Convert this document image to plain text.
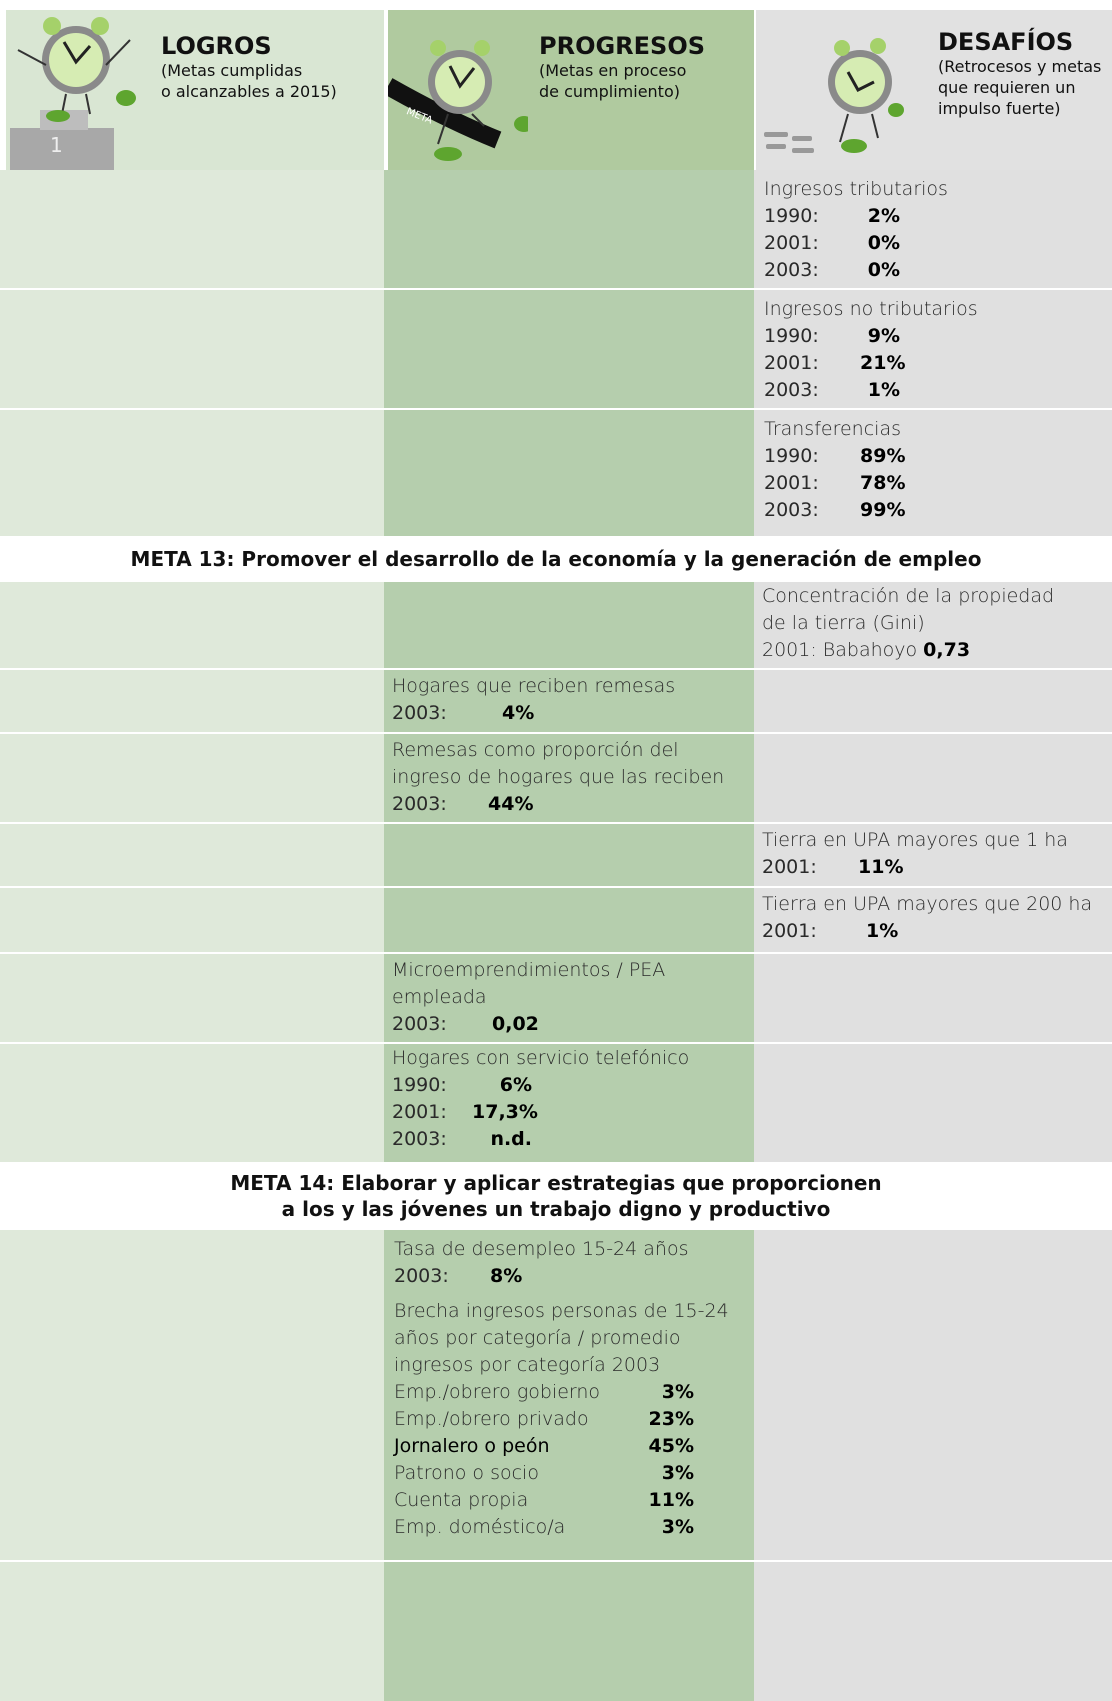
1
LOGROS
(Metas cumplidas
o alcanzables a 2015)
META
PROGRESOS
(Metas en proceso
de cumplimiento)
DESAFÍOS
(Retrocesos y metas
que requieren un
impulso fuerte)
Ingresos tributarios
1990:	2%
2001:	0%
2003:	0%
Ingresos no tributarios
1990:	9%
2001:	21%
2003:	1%
Transferencias
1990:	89%
2001:	78%
2003:	99%
META 13: Promover el desarrollo de la economía y la generación de empleo
Concentración de la propiedad
de la tierra (Gini)
2001: Babahoyo 0,73
Hogares que reciben remesas
2003:	4%
Remesas como proporción del
ingreso de hogares que las reciben
2003:	44%
Tierra en UPA mayores que 1 ha
2001:	11%
Tierra en UPA mayores que 200 ha
2001:	1%
Microemprendimientos / PEA
empleada
2003:	0,02
Hogares con servicio telefónico
1990:	6%
2001:	17,3%
2003:	n.d.
META 14: Elaborar y aplicar estrategias que proporcionen
a los y las jóvenes un trabajo digno y productivo
Tasa de desempleo 15-24 años
2003:	8%
Brecha ingresos personas de 15-24
años por categoría / promedio
ingresos por categoría 2003
Emp./obrero gobierno	3%
Emp./obrero privado	23%
Jornalero o peón	45%
Patrono o socio	3%
Cuenta propia	11%
Emp. doméstico/a	3%
